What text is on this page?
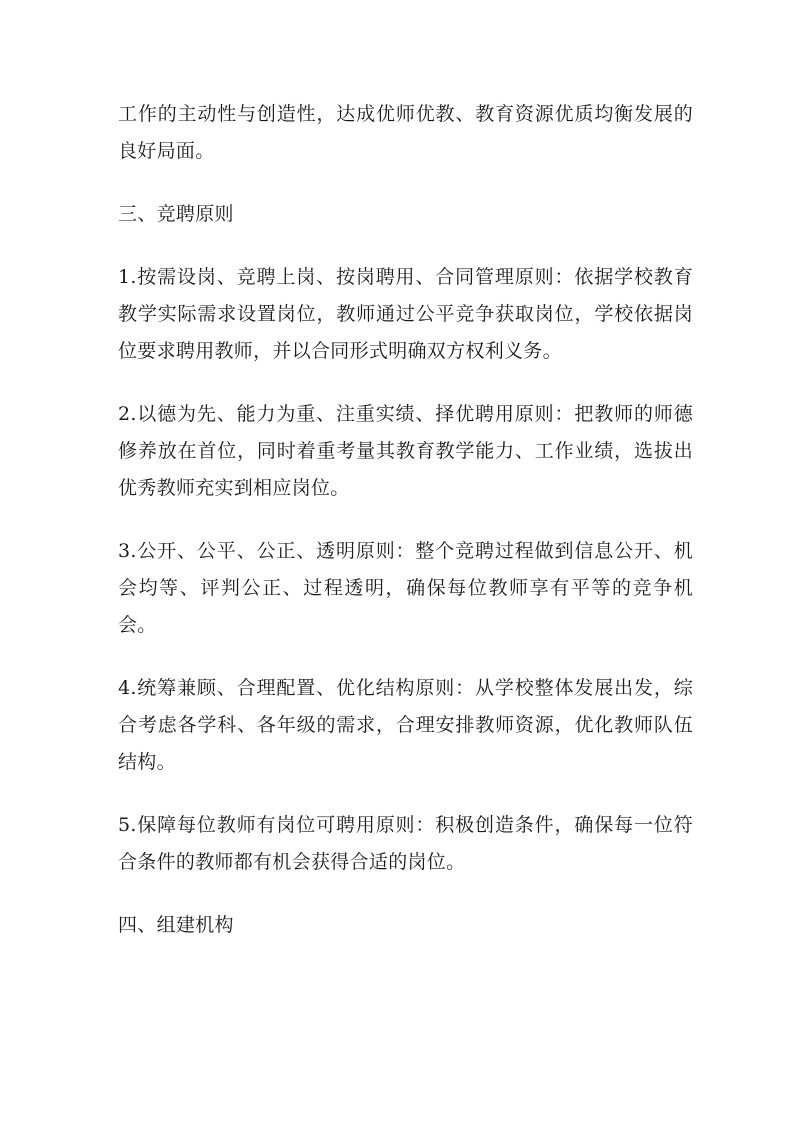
工作的主动性与创造性，达成优师优教、教育资源优质均衡发展的良好局面。

三、竞聘原则

1.按需设岗、竞聘上岗、按岗聘用、合同管理原则：依据学校教育教学实际需求设置岗位，教师通过公平竞争获取岗位，学校依据岗位要求聘用教师，并以合同形式明确双方权利义务。

2.以德为先、能力为重、注重实绩、择优聘用原则：把教师的师德修养放在首位，同时着重考量其教育教学能力、工作业绩，选拔出优秀教师充实到相应岗位。

3.公开、公平、公正、透明原则：整个竞聘过程做到信息公开、机会均等、评判公正、过程透明，确保每位教师享有平等的竞争机会。

4.统筹兼顾、合理配置、优化结构原则：从学校整体发展出发，综合考虑各学科、各年级的需求，合理安排教师资源，优化教师队伍结构。

5.保障每位教师有岗位可聘用原则：积极创造条件，确保每一位符合条件的教师都有机会获得合适的岗位。

四、组建机构
